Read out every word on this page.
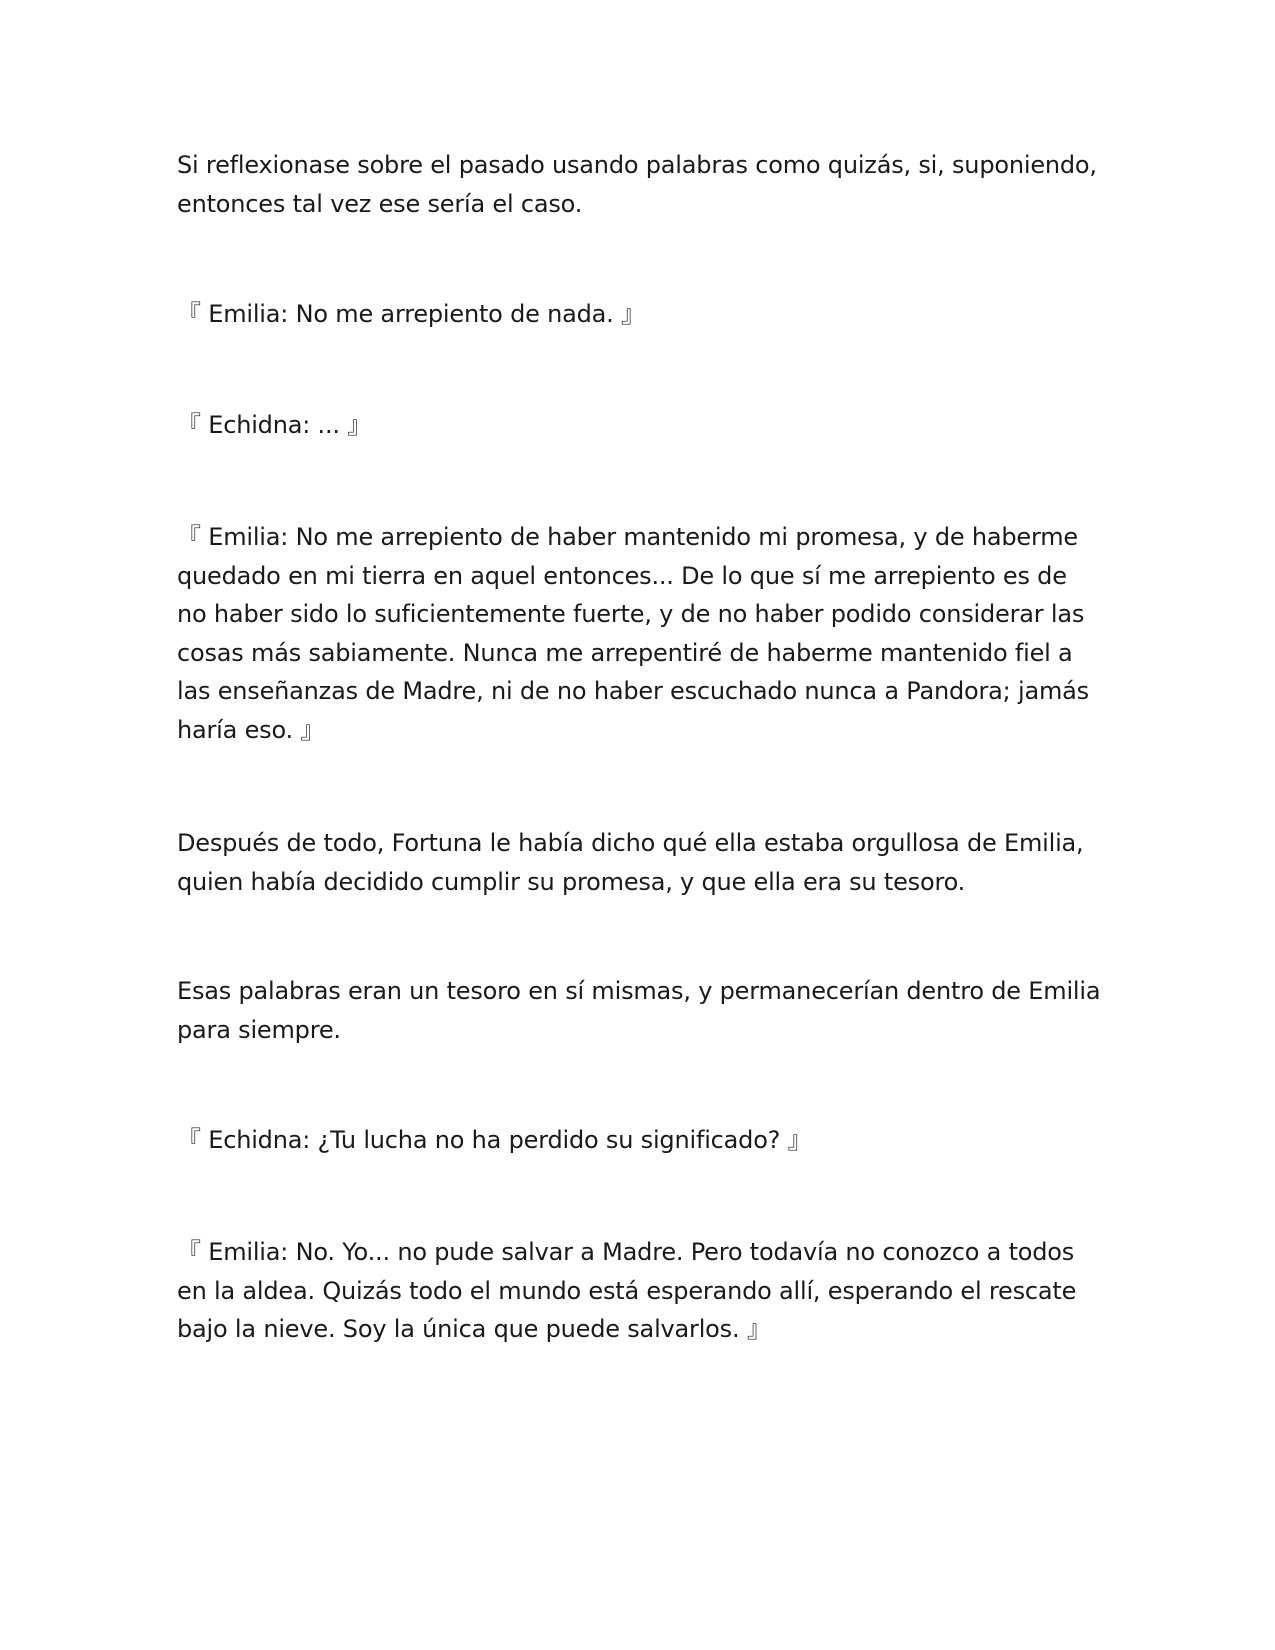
Si reflexionase sobre el pasado usando palabras como quizás, si, suponiendo,
entonces tal vez ese sería el caso.

『 Emilia: No me arrepiento de nada. 』

『 Echidna: ... 』

『 Emilia: No me arrepiento de haber mantenido mi promesa, y de haberme
quedado en mi tierra en aquel entonces... De lo que sí me arrepiento es de
no haber sido lo suficientemente fuerte, y de no haber podido considerar las
cosas más sabiamente. Nunca me arrepentiré de haberme mantenido fiel a
las enseñanzas de Madre, ni de no haber escuchado nunca a Pandora; jamás
haría eso. 』

Después de todo, Fortuna le había dicho qué ella estaba orgullosa de Emilia,
quien había decidido cumplir su promesa, y que ella era su tesoro.

Esas palabras eran un tesoro en sí mismas, y permanecerían dentro de Emilia
para siempre.

『 Echidna: ¿Tu lucha no ha perdido su significado? 』

『 Emilia: No. Yo... no pude salvar a Madre. Pero todavía no conozco a todos
en la aldea. Quizás todo el mundo está esperando allí, esperando el rescate
bajo la nieve. Soy la única que puede salvarlos. 』
